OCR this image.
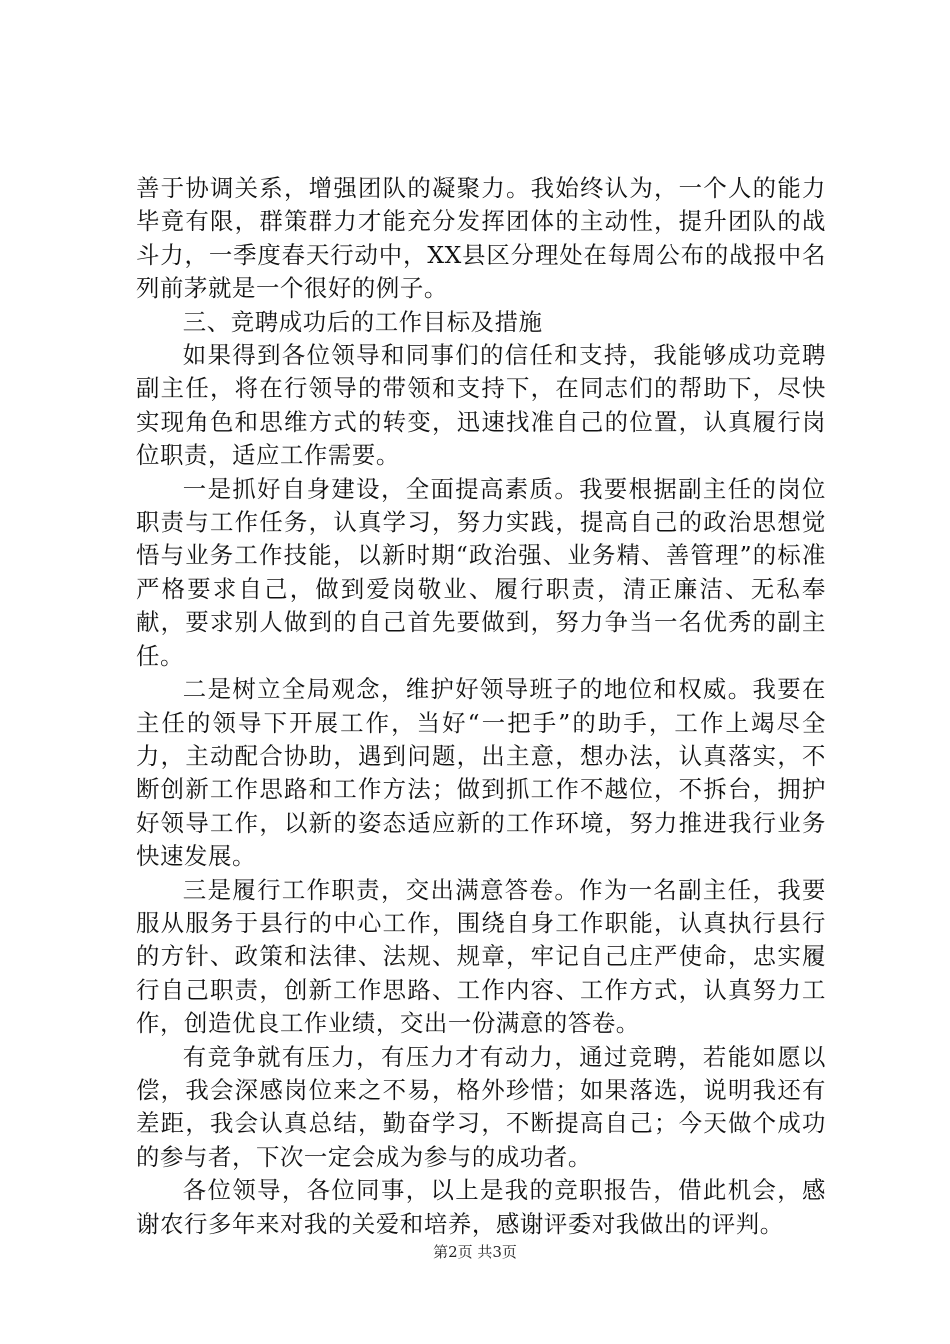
善于协调关系，增强团队的凝聚力。我始终认为，一个人的能力毕竟有限，群策群力才能充分发挥团体的主动性，提升团队的战斗力，一季度春天行动中，XX县区分理处在每周公布的战报中名列前茅就是一个很好的例子。

三、竞聘成功后的工作目标及措施

如果得到各位领导和同事们的信任和支持，我能够成功竞聘副主任，将在行领导的带领和支持下，在同志们的帮助下，尽快实现角色和思维方式的转变，迅速找准自己的位置，认真履行岗位职责，适应工作需要。

一是抓好自身建设，全面提高素质。我要根据副主任的岗位职责与工作任务，认真学习，努力实践，提高自己的政治思想觉悟与业务工作技能，以新时期“政治强、业务精、善管理”的标准严格要求自己，做到爱岗敬业、履行职责，清正廉洁、无私奉献，要求别人做到的自己首先要做到，努力争当一名优秀的副主任。

二是树立全局观念，维护好领导班子的地位和权威。我要在主任的领导下开展工作，当好“一把手”的助手，工作上竭尽全力，主动配合协助，遇到问题，出主意，想办法，认真落实，不断创新工作思路和工作方法；做到抓工作不越位，不拆台，拥护好领导工作，以新的姿态适应新的工作环境，努力推进我行业务快速发展。

三是履行工作职责，交出满意答卷。作为一名副主任，我要服从服务于县行的中心工作，围绕自身工作职能，认真执行县行的方针、政策和法律、法规、规章，牢记自己庄严使命，忠实履行自己职责，创新工作思路、工作内容、工作方式，认真努力工作，创造优良工作业绩，交出一份满意的答卷。

有竞争就有压力，有压力才有动力，通过竞聘，若能如愿以偿，我会深感岗位来之不易，格外珍惜；如果落选，说明我还有差距，我会认真总结，勤奋学习，不断提高自己；今天做个成功的参与者，下次一定会成为参与的成功者。

各位领导，各位同事，以上是我的竞职报告，借此机会，感谢农行多年来对我的关爱和培养，感谢评委对我做出的评判。

第2页 共3页
